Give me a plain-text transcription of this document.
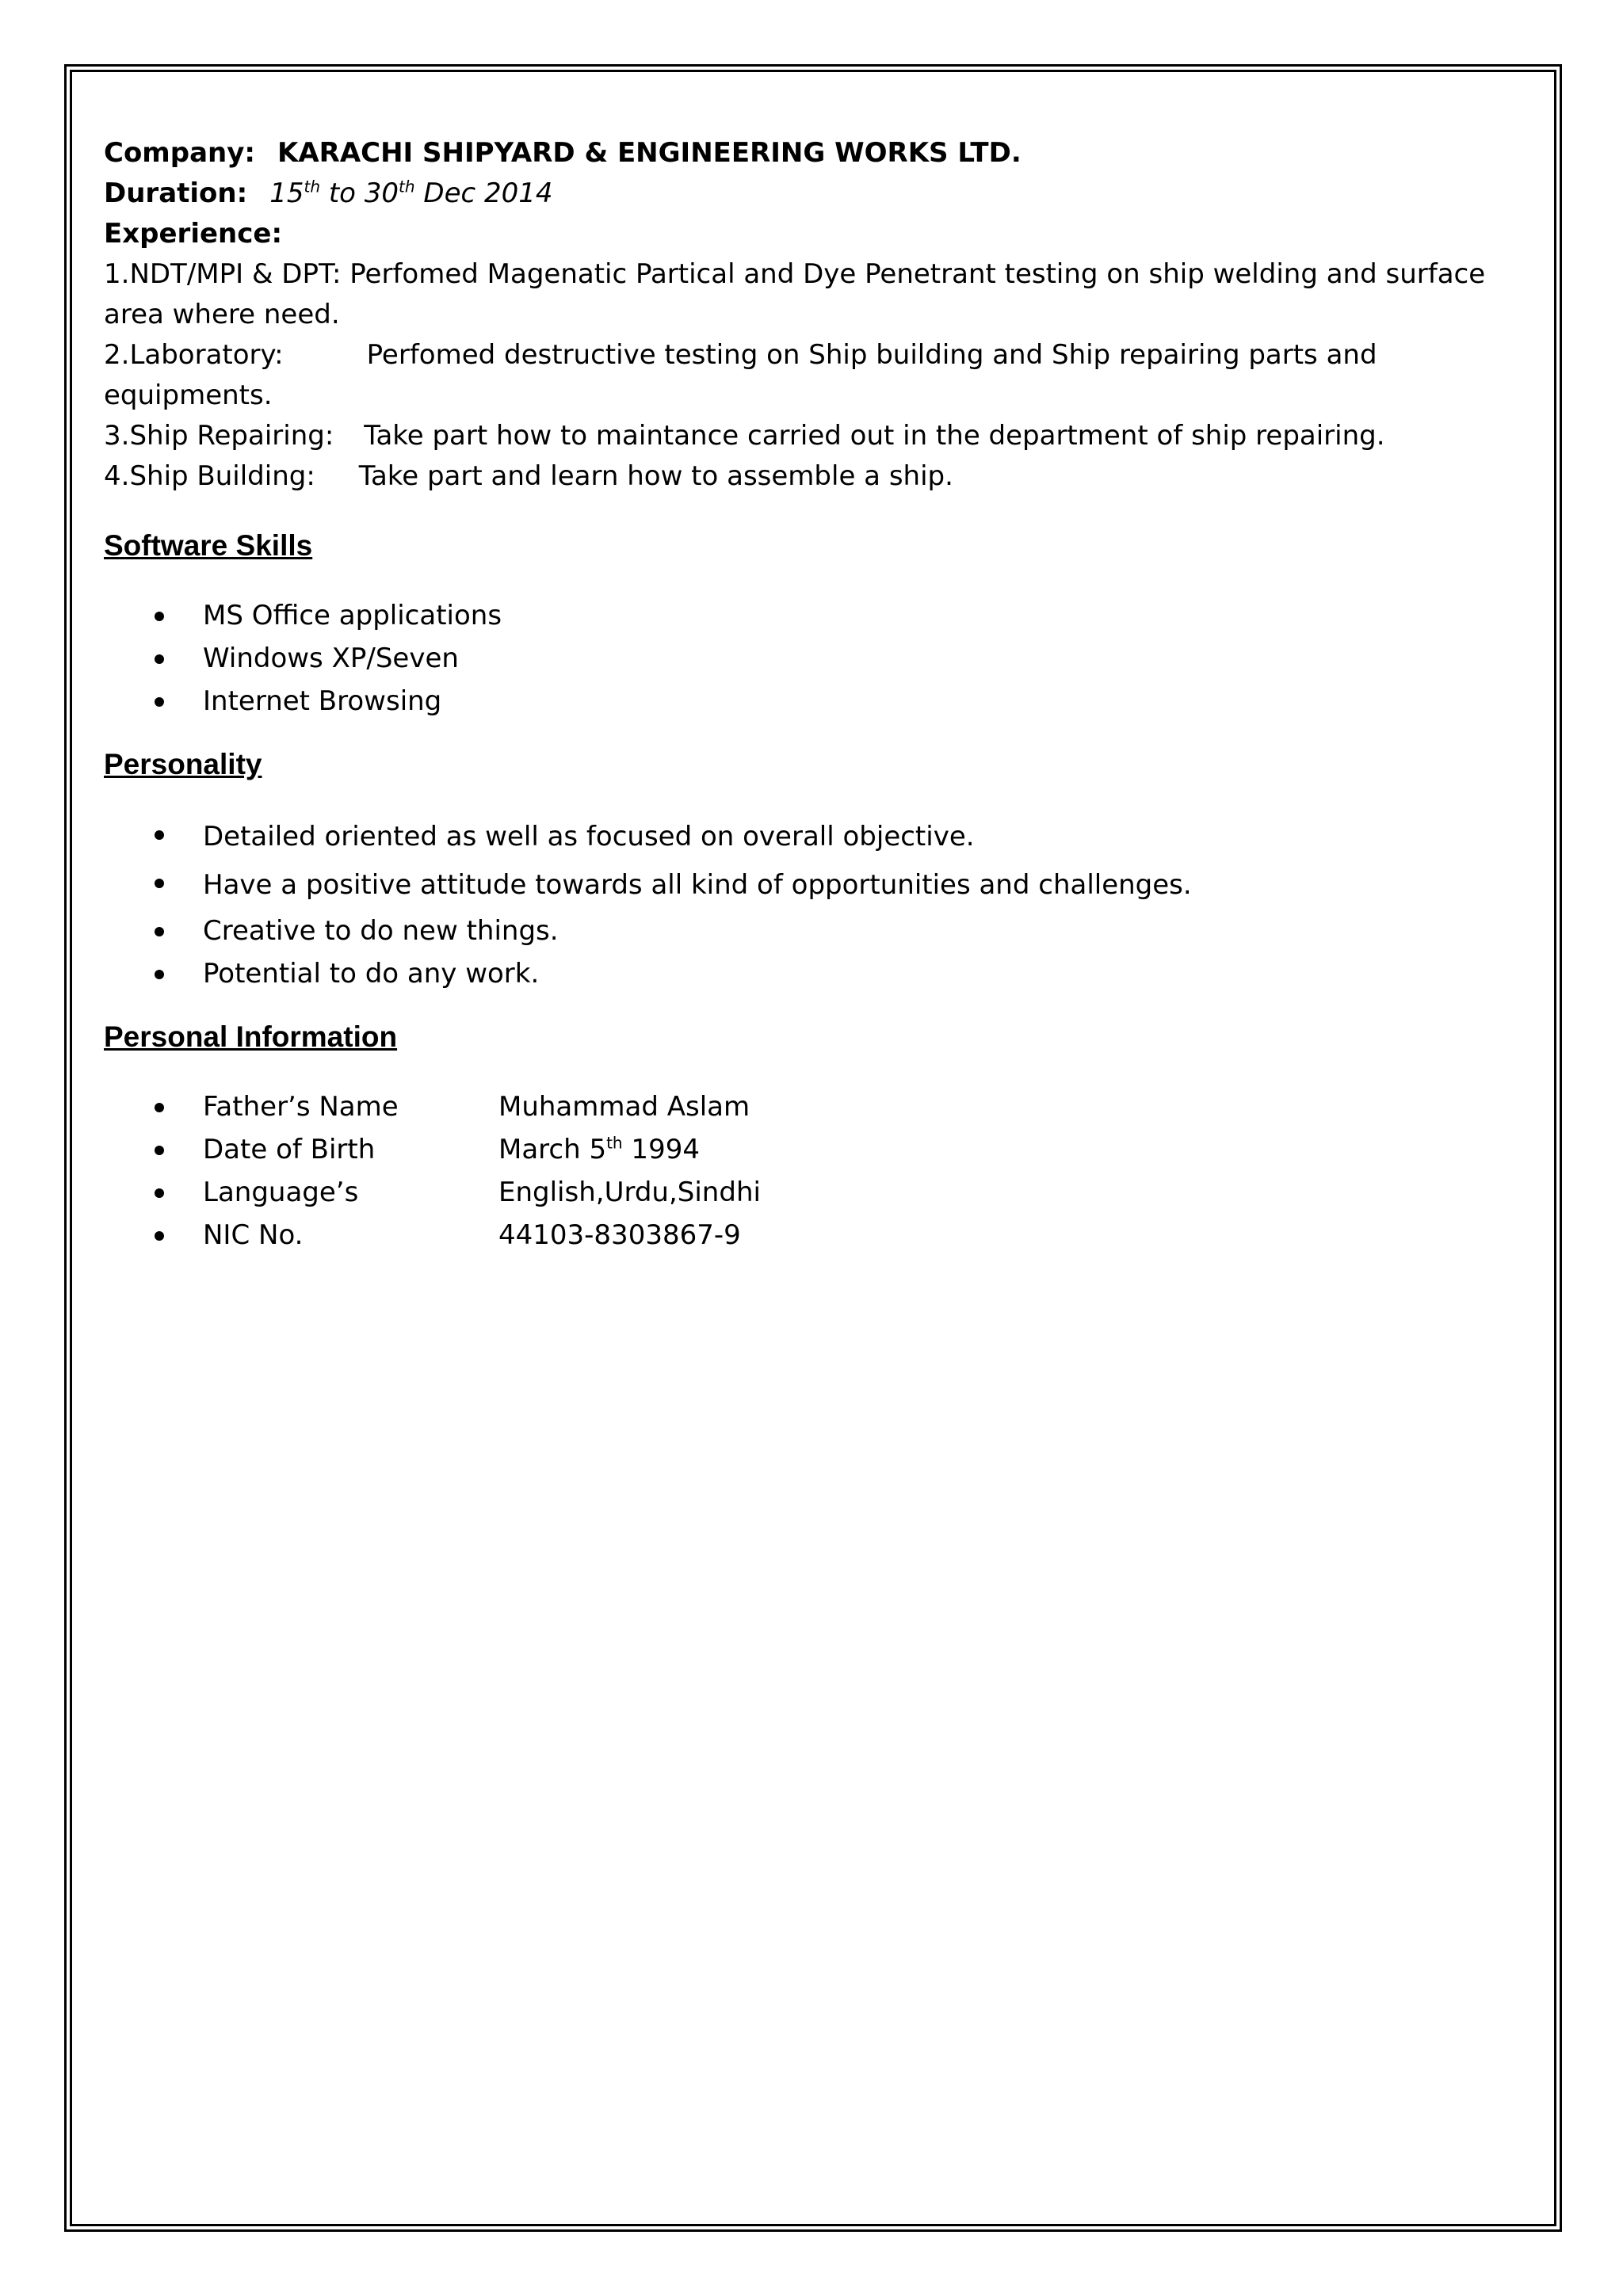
Company: KARACHI SHIPYARD & ENGINEERING WORKS LTD.
Duration: 15th to 30th Dec 2014
Experience:
1.NDT/MPI & DPT: Perfomed Magenatic Partical and Dye Penetrant testing on ship welding and surface area where need.
2.Laboratory:	Perfomed destructive testing on Ship building and Ship repairing parts and equipments.
3.Ship Repairing: Take part how to maintance carried out in the department of ship repairing.
4.Ship Building: Take part and learn how to assemble a ship.
Software Skills
MS Office applications
Windows XP/Seven
Internet Browsing
Personality
Detailed oriented as well as focused on overall objective.
Have a positive attitude towards all kind of opportunities and challenges.
Creative to do new things.
Potential to do any work.
Personal Information
Father’s Name	Muhammad Aslam
Date of Birth	March 5th 1994
Language’s	English,Urdu,Sindhi
NIC No.	44103-8303867-9
